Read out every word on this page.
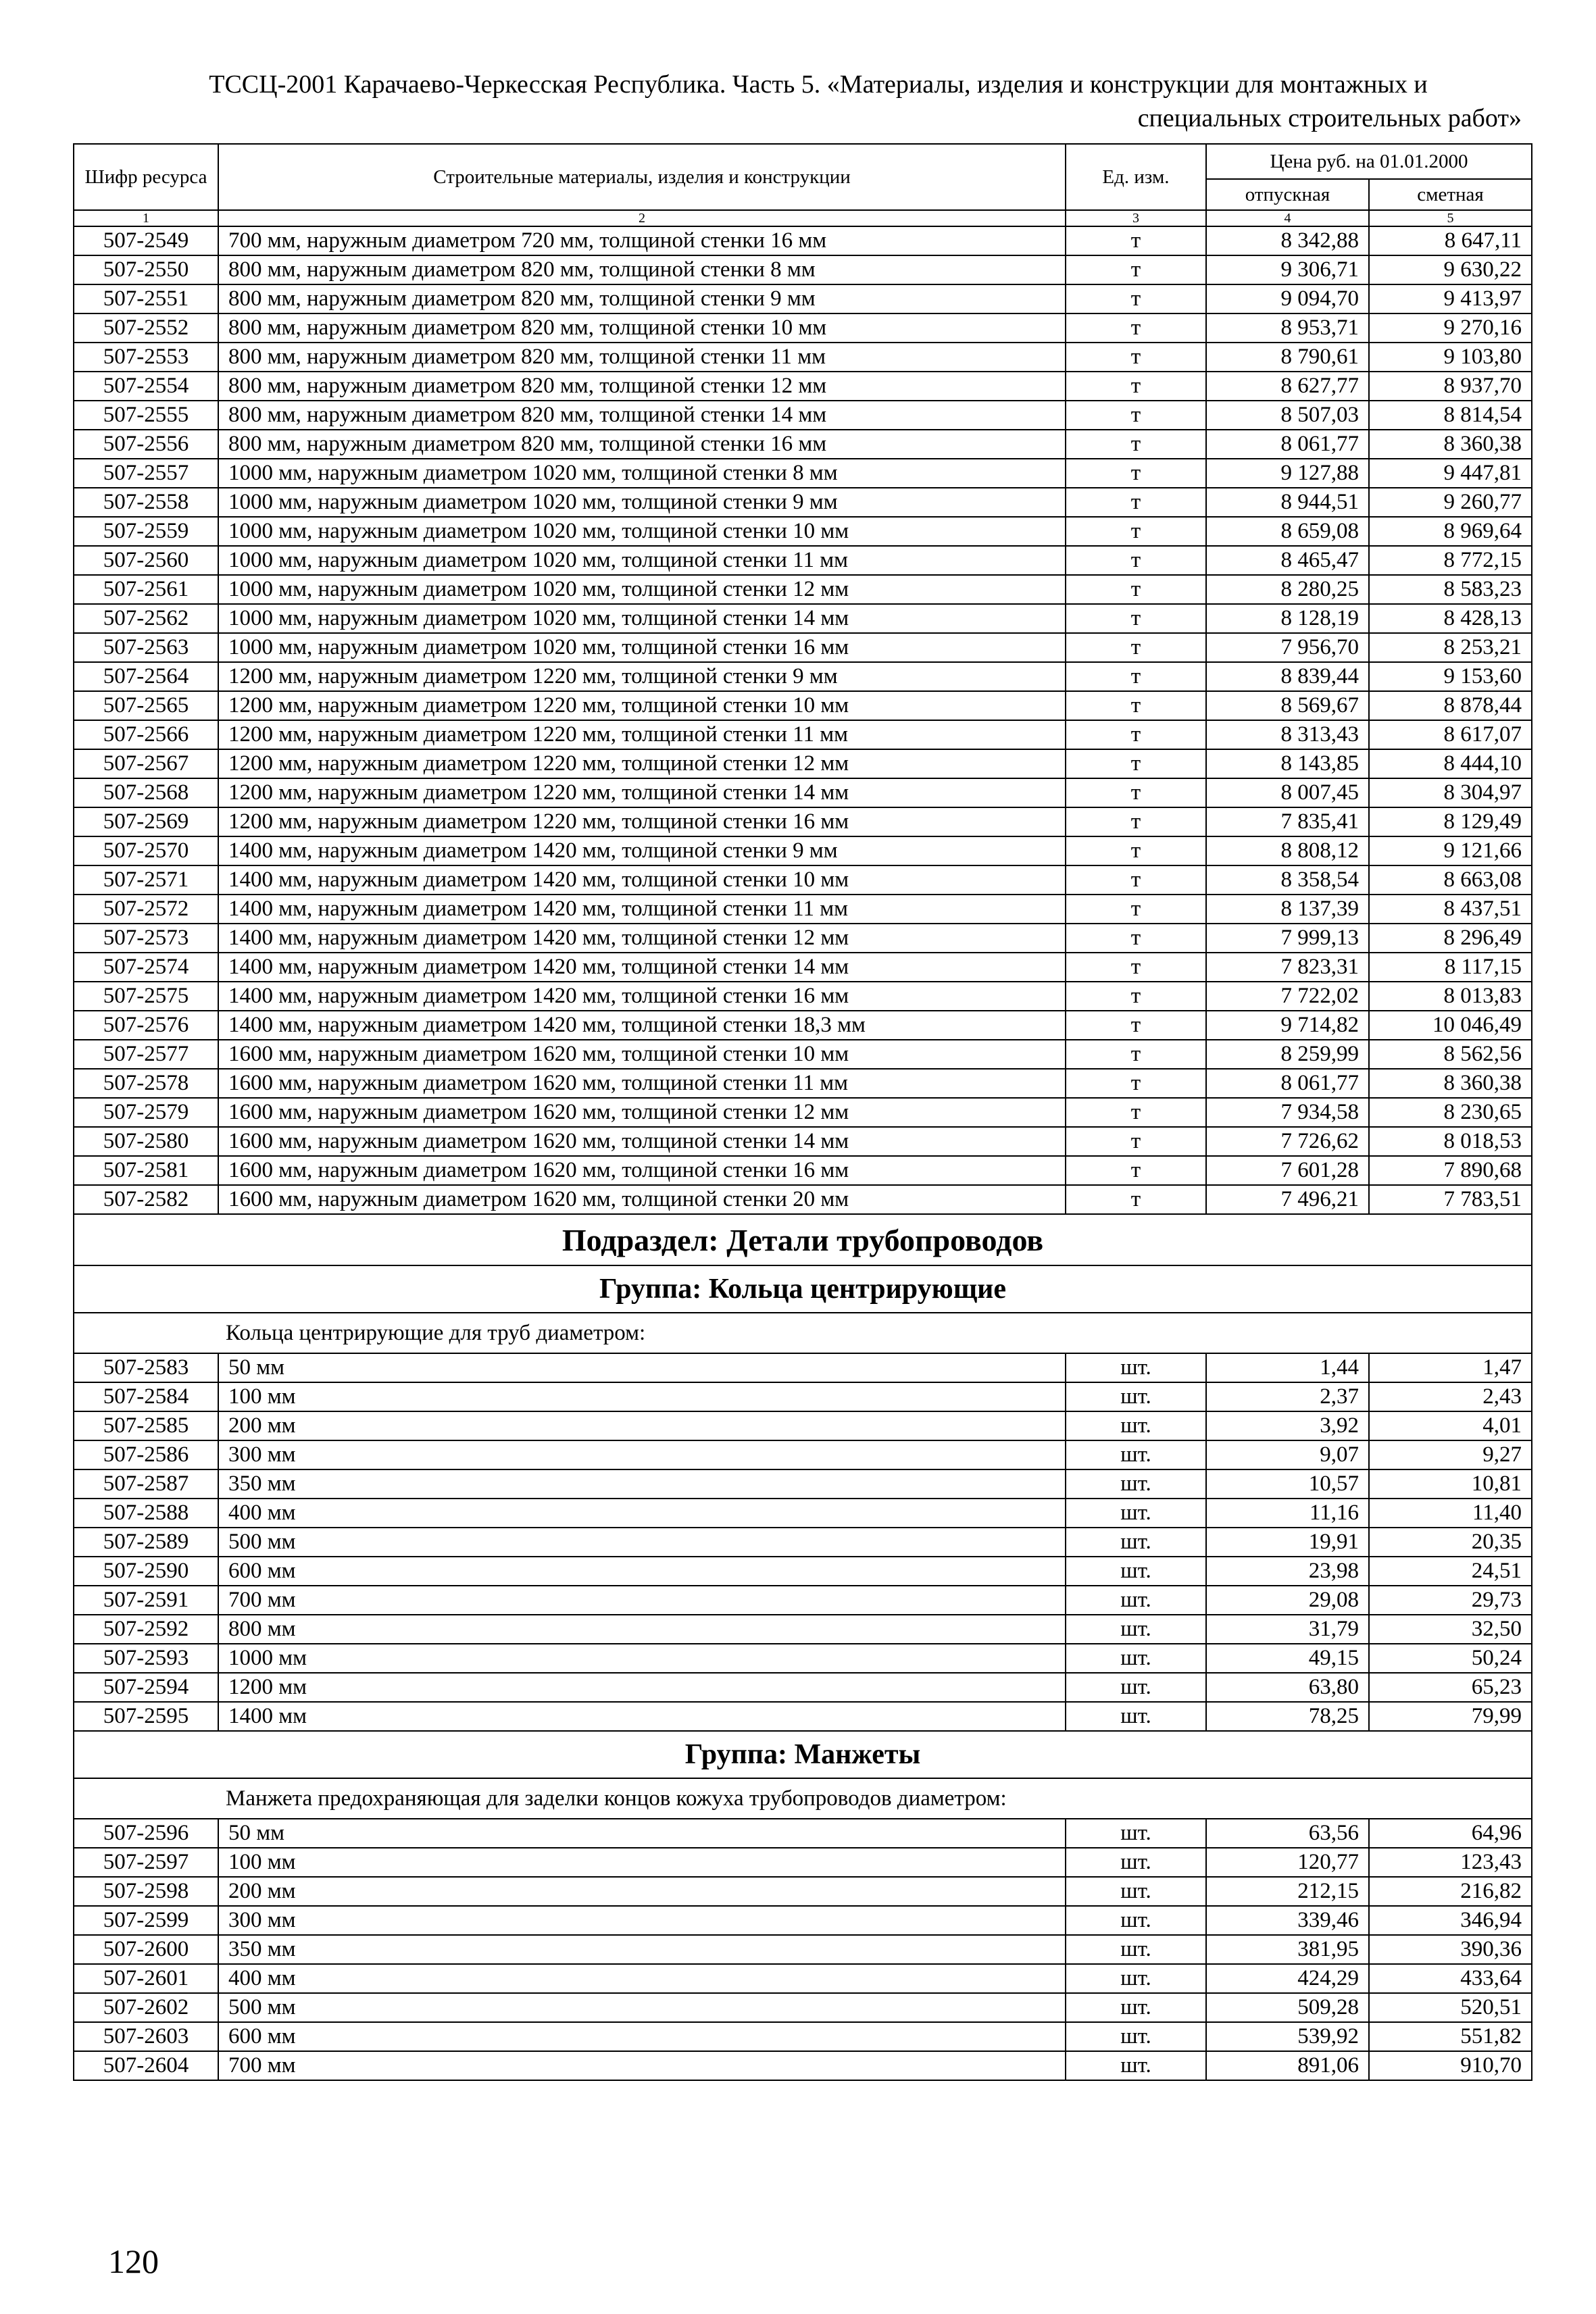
ТССЦ-2001 Карачаево-Черкесская Республика. Часть 5. «Материалы, изделия и конструкции для монтажных и
специальных строительных работ»
Шифр ресурса	Строительные материалы, изделия и конструкции	Ед. изм.	Цена руб. на 01.01.2000	
			отпускная	сметная
1	2	3	4	5
507-2549	700 мм, наружным диаметром 720 мм, толщиной стенки 16 мм	т	8 342,88	8 647,11
507-2550	800 мм, наружным диаметром 820 мм, толщиной стенки 8 мм	т	9 306,71	9 630,22
507-2551	800 мм, наружным диаметром 820 мм, толщиной стенки 9 мм	т	9 094,70	9 413,97
507-2552	800 мм, наружным диаметром 820 мм, толщиной стенки 10 мм	т	8 953,71	9 270,16
507-2553	800 мм, наружным диаметром 820 мм, толщиной стенки 11 мм	т	8 790,61	9 103,80
507-2554	800 мм, наружным диаметром 820 мм, толщиной стенки 12 мм	т	8 627,77	8 937,70
507-2555	800 мм, наружным диаметром 820 мм, толщиной стенки 14 мм	т	8 507,03	8 814,54
507-2556	800 мм, наружным диаметром 820 мм, толщиной стенки 16 мм	т	8 061,77	8 360,38
507-2557	1000 мм, наружным диаметром 1020 мм, толщиной стенки 8 мм	т	9 127,88	9 447,81
507-2558	1000 мм, наружным диаметром 1020 мм, толщиной стенки 9 мм	т	8 944,51	9 260,77
507-2559	1000 мм, наружным диаметром 1020 мм, толщиной стенки 10 мм	т	8 659,08	8 969,64
507-2560	1000 мм, наружным диаметром 1020 мм, толщиной стенки 11 мм	т	8 465,47	8 772,15
507-2561	1000 мм, наружным диаметром 1020 мм, толщиной стенки 12 мм	т	8 280,25	8 583,23
507-2562	1000 мм, наружным диаметром 1020 мм, толщиной стенки 14 мм	т	8 128,19	8 428,13
507-2563	1000 мм, наружным диаметром 1020 мм, толщиной стенки 16 мм	т	7 956,70	8 253,21
507-2564	1200 мм, наружным диаметром 1220 мм, толщиной стенки 9 мм	т	8 839,44	9 153,60
507-2565	1200 мм, наружным диаметром 1220 мм, толщиной стенки 10 мм	т	8 569,67	8 878,44
507-2566	1200 мм, наружным диаметром 1220 мм, толщиной стенки 11 мм	т	8 313,43	8 617,07
507-2567	1200 мм, наружным диаметром 1220 мм, толщиной стенки 12 мм	т	8 143,85	8 444,10
507-2568	1200 мм, наружным диаметром 1220 мм, толщиной стенки 14 мм	т	8 007,45	8 304,97
507-2569	1200 мм, наружным диаметром 1220 мм, толщиной стенки 16 мм	т	7 835,41	8 129,49
507-2570	1400 мм, наружным диаметром 1420 мм, толщиной стенки 9 мм	т	8 808,12	9 121,66
507-2571	1400 мм, наружным диаметром 1420 мм, толщиной стенки 10 мм	т	8 358,54	8 663,08
507-2572	1400 мм, наружным диаметром 1420 мм, толщиной стенки 11 мм	т	8 137,39	8 437,51
507-2573	1400 мм, наружным диаметром 1420 мм, толщиной стенки 12 мм	т	7 999,13	8 296,49
507-2574	1400 мм, наружным диаметром 1420 мм, толщиной стенки 14 мм	т	7 823,31	8 117,15
507-2575	1400 мм, наружным диаметром 1420 мм, толщиной стенки 16 мм	т	7 722,02	8 013,83
507-2576	1400 мм, наружным диаметром 1420 мм, толщиной стенки 18,3 мм	т	9 714,82	10 046,49
507-2577	1600 мм, наружным диаметром 1620 мм, толщиной стенки 10 мм	т	8 259,99	8 562,56
507-2578	1600 мм, наружным диаметром 1620 мм, толщиной стенки 11 мм	т	8 061,77	8 360,38
507-2579	1600 мм, наружным диаметром 1620 мм, толщиной стенки 12 мм	т	7 934,58	8 230,65
507-2580	1600 мм, наружным диаметром 1620 мм, толщиной стенки 14 мм	т	7 726,62	8 018,53
507-2581	1600 мм, наружным диаметром 1620 мм, толщиной стенки 16 мм	т	7 601,28	7 890,68
507-2582	1600 мм, наружным диаметром 1620 мм, толщиной стенки 20 мм	т	7 496,21	7 783,51
Подраздел: Детали трубопроводов				
Группа: Кольца центрирующие				
Кольца центрирующие для труб диаметром:				
507-2583	50 мм	шт.	1,44	1,47
507-2584	100 мм	шт.	2,37	2,43
507-2585	200 мм	шт.	3,92	4,01
507-2586	300 мм	шт.	9,07	9,27
507-2587	350 мм	шт.	10,57	10,81
507-2588	400 мм	шт.	11,16	11,40
507-2589	500 мм	шт.	19,91	20,35
507-2590	600 мм	шт.	23,98	24,51
507-2591	700 мм	шт.	29,08	29,73
507-2592	800 мм	шт.	31,79	32,50
507-2593	1000 мм	шт.	49,15	50,24
507-2594	1200 мм	шт.	63,80	65,23
507-2595	1400 мм	шт.	78,25	79,99
Группа: Манжеты				
Манжета предохраняющая для заделки концов кожуха трубопроводов диаметром:				
507-2596	50 мм	шт.	63,56	64,96
507-2597	100 мм	шт.	120,77	123,43
507-2598	200 мм	шт.	212,15	216,82
507-2599	300 мм	шт.	339,46	346,94
507-2600	350 мм	шт.	381,95	390,36
507-2601	400 мм	шт.	424,29	433,64
507-2602	500 мм	шт.	509,28	520,51
507-2603	600 мм	шт.	539,92	551,82
507-2604	700 мм	шт.	891,06	910,70
120
